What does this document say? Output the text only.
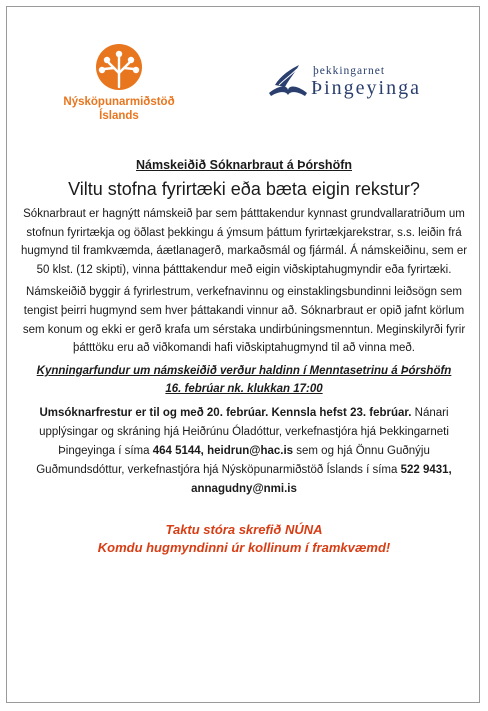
Nýsköpunarmiðstöð
Íslands
þekkingarnet
Þingeyinga
Námskeiðið Sóknarbraut á Þórshöfn
Viltu stofna fyrirtæki eða bæta eigin rekstur?
Sóknarbraut er hagnýtt námskeið þar sem þátttakendur kynnast grundvallaratriðum um stofnun fyrirtækja og öðlast þekkingu á ýmsum þáttum fyrirtækjarekstrar, s.s. leiðin frá hugmynd til framkvæmda, áætlanagerð, markaðsmál og fjármál. Á námskeiðinu, sem er 50 klst. (12 skipti), vinna þátttakendur með eigin viðskiptahugmyndir eða fyrirtæki.
Námskeiðið byggir á fyrirlestrum, verkefnavinnu og einstaklingsbundinni leiðsögn sem tengist þeirri hugmynd sem hver þáttakandi vinnur að. Sóknarbraut er opið jafnt körlum sem konum og ekki er gerð krafa um sérstaka undirbúningsmenntun. Meginskilyrði fyrir þátttöku eru að viðkomandi hafi viðskiptahugmynd til að vinna með.
Kynningarfundur um námskeiðið verður haldinn í Menntasetrinu á Þórshöfn
16. febrúar nk. klukkan 17:00
Umsóknarfrestur er til og með 20. febrúar. Kennsla hefst 23. febrúar. Nánari upplýsingar og skráning hjá Heiðrúnu Óladóttur, verkefnastjóra hjá Þekkingarneti Þingeyinga í síma 464 5144, heidrun@hac.is sem og hjá Önnu Guðnýju Guðmundsdóttur, verkefnastjóra hjá Nýsköpunarmiðstöð Íslands í síma 522 9431, annagudny@nmi.is
Taktu stóra skrefið NÚNA
Komdu hugmyndinni úr kollinum í framkvæmd!
